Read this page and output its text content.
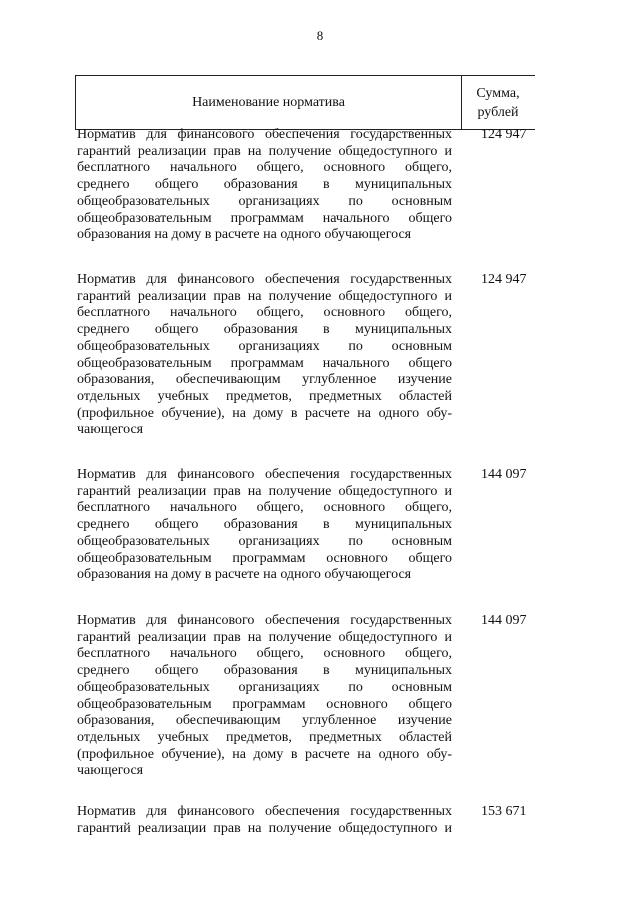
8
Наименование норматива
Сумма,
рублей
Норматив для финансового обеспечения государственных
гарантий реализации прав на получение общедоступного и
бесплатного начального общего, основного общего,
среднего общего образования в муниципальных
общеобразовательных организациях по основным
общеобразовательным программам начального общего
образования на дому в расчете на одного обучающегося
124 947
Норматив для финансового обеспечения государственных
гарантий реализации прав на получение общедоступного и
бесплатного начального общего, основного общего,
среднего общего образования в муниципальных
общеобразовательных организациях по основным
общеобразовательным программам начального общего
образования, обеспечивающим углубленное изучение
отдельных учебных предметов, предметных областей
(профильное обучение), на дому в расчете на одного обу-
чающегося
124 947
Норматив для финансового обеспечения государственных
гарантий реализации прав на получение общедоступного и
бесплатного начального общего, основного общего,
среднего общего образования в муниципальных
общеобразовательных организациях по основным
общеобразовательным программам основного общего
образования на дому в расчете на одного обучающегося
144 097
Норматив для финансового обеспечения государственных
гарантий реализации прав на получение общедоступного и
бесплатного начального общего, основного общего,
среднего общего образования в муниципальных
общеобразовательных организациях по основным
общеобразовательным программам основного общего
образования, обеспечивающим углубленное изучение
отдельных учебных предметов, предметных областей
(профильное обучение), на дому в расчете на одного обу-
чающегося
144 097
Норматив для финансового обеспечения государственных
гарантий реализации прав на получение общедоступного и
153 671
